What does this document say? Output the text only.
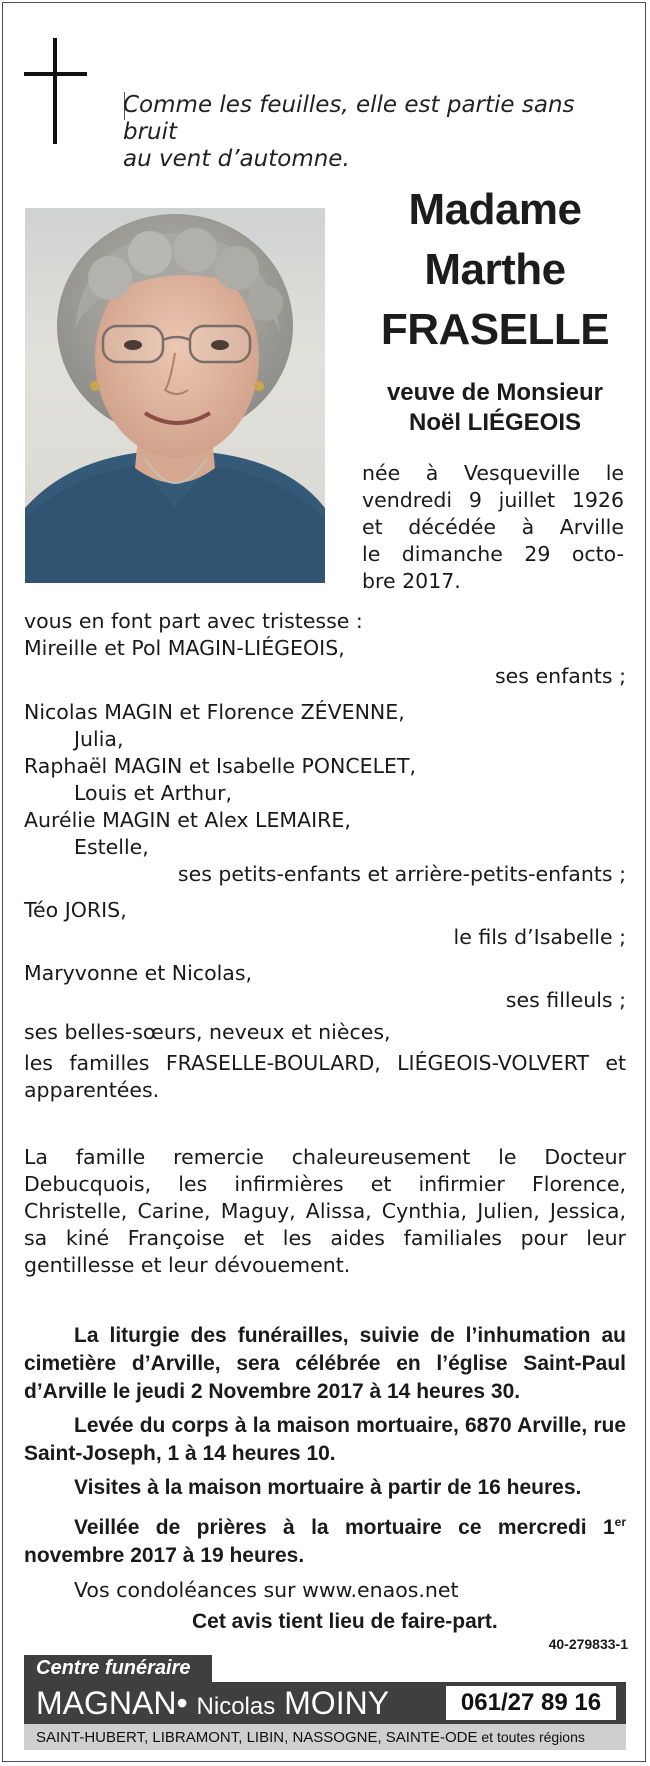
Comme les feuilles, elle est partie sans bruit
au vent d’automne.
Madame
Marthe
FRASELLE
veuve de Monsieur
Noël LIÉGEOIS
née à Vesqueville le
vendredi 9 juillet 1926
et décédée à Arville
le dimanche 29 octo-
bre 2017.
vous en font part avec tristesse :
Mireille et Pol MAGIN-LIÉGEOIS,
ses enfants ;
Nicolas MAGIN et Florence ZÉVENNE,
Julia,
Raphaël MAGIN et Isabelle PONCELET,
Louis et Arthur,
Aurélie MAGIN et Alex LEMAIRE,
Estelle,
ses petits-enfants et arrière-petits-enfants ;
Téo JORIS,
le fils d’Isabelle ;
Maryvonne et Nicolas,
ses filleuls ;
ses belles-sœurs, neveux et nièces,
les familles FRASELLE-BOULARD, LIÉGEOIS-VOLVERT et apparentées.
La famille remercie chaleureusement le Docteur Debucquois, les infirmières et infirmier Florence, Christelle, Carine, Maguy, Alissa, Cynthia, Julien, Jessica, sa kiné Françoise et les aides familiales pour leur gentillesse et leur dévouement.
La liturgie des funérailles, suivie de l’inhumation au cimetière d’Arville, sera célébrée en l’église Saint-Paul d’Arville le jeudi 2 Novembre 2017 à 14 heures 30.
Levée du corps à la maison mortuaire, 6870 Arville, rue Saint-Joseph, 1 à 14 heures 10.
Visites à la maison mortuaire à partir de 16 heures.
Veillée de prières à la mortuaire ce mercredi 1er novembre 2017 à 19 heures.
Vos condoléances sur www.enaos.net
Cet avis tient lieu de faire-part.
40-279833-1
Centre funéraire
MAGNAN• Nicolas MOINY	061/27 89 16
SAINT-HUBERT, LIBRAMONT, LIBIN, NASSOGNE, SAINTE-ODE et toutes régions
